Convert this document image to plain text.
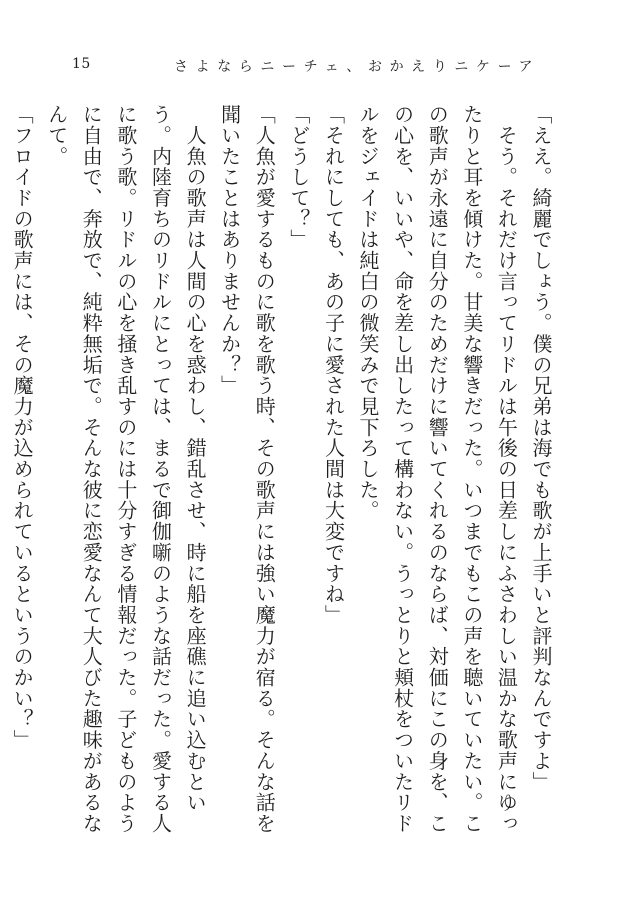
15	さよならニーチェ、おかえりニケーア

「ええ。綺麗でしょう。僕の兄弟は海でも歌が上手いと評判なんですよ」

　そう。それだけ言ってリドルは午後の日差しにふさわしい温かな歌声にゆったりと耳を傾けた。甘美な響きだった。いつまでもこの声を聴いていたい。この歌声が永遠に自分のためだけに響いてくれるのならば、対価にこの身を、この心を、いいや、命を差し出したって構わない。うっとりと頬杖をついたリドルをジェイドは純白の微笑みで見下ろした。

「それにしても、あの子に愛された人間は大変ですね」

「どうして？」

「人魚が愛するものに歌を歌う時、その歌声には強い魔力が宿る。そんな話を聞いたことはありませんか？」

　人魚の歌声は人間の心を惑わし、錯乱させ、時に船を座礁に追い込むという。内陸育ちのリドルにとっては、まるで御伽噺のような話だった。愛する人に歌う歌。リドルの心を掻き乱すのには十分すぎる情報だった。子どものように自由で、奔放で、純粋無垢で。そんな彼に恋愛なんて大人びた趣味があるなんて。

「フロイドの歌声には、その魔力が込められているというのかい？」
